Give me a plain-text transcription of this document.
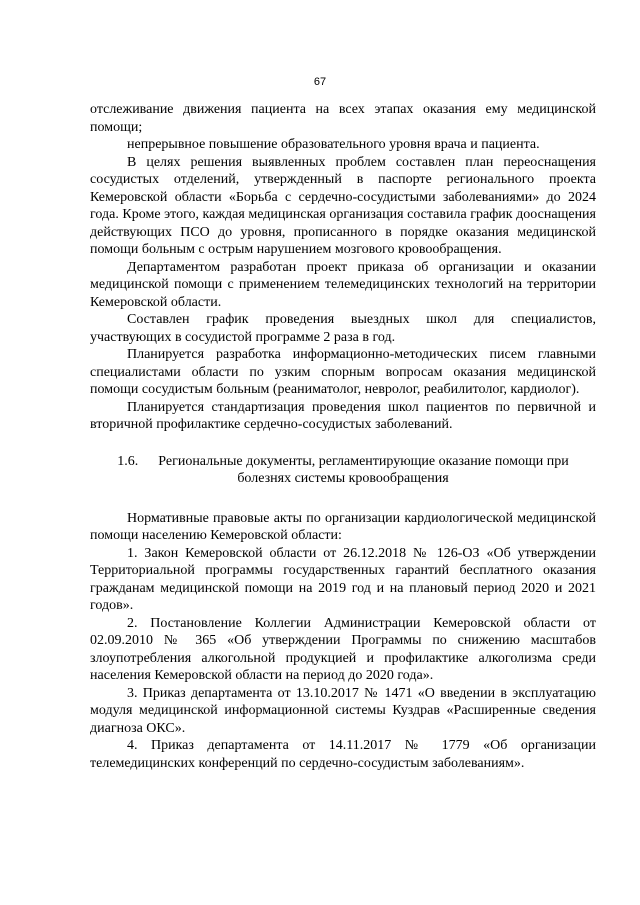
67

отслеживание движения пациента на всех этапах оказания ему медицинской помощи;

непрерывное повышение образовательного уровня врача и пациента.

В целях решения выявленных проблем составлен план переоснащения сосудистых отделений, утвержденный в паспорте регионального проекта Кемеровской области «Борьба с сердечно-сосудистыми заболеваниями» до 2024 года. Кроме этого, каждая медицинская организация составила график дооснащения действующих ПСО до уровня, прописанного в порядке оказания медицинской помощи больным с острым нарушением мозгового кровообращения.

Департаментом разработан проект приказа об организации и оказании медицинской помощи с применением телемедицинских технологий на территории Кемеровской области.

Составлен график проведения выездных школ для специалистов, участвующих в сосудистой программе 2 раза в год.

Планируется разработка информационно-методических писем главными специалистами области по узким спорным вопросам оказания медицинской помощи сосудистым больным (реаниматолог, невролог, реабилитолог, кардиолог).

Планируется стандартизация проведения школ пациентов по первичной и вторичной профилактике сердечно-сосудистых заболеваний.

1.6. Региональные документы, регламентирующие оказание помощи при болезнях системы кровообращения

Нормативные правовые акты по организации кардиологической медицинской помощи населению Кемеровской области:

1. Закон Кемеровской области от 26.12.2018 № 126-ОЗ «Об утверждении Территориальной программы государственных гарантий бесплатного оказания гражданам медицинской помощи на 2019 год и на плановый период 2020 и 2021 годов».

2. Постановление Коллегии Администрации Кемеровской области от 02.09.2010 № 365 «Об утверждении Программы по снижению масштабов злоупотребления алкогольной продукцией и профилактике алкоголизма среди населения Кемеровской области на период до 2020 года».

3. Приказ департамента от 13.10.2017 № 1471 «О введении в эксплуатацию модуля медицинской информационной системы Куздрав «Расширенные сведения диагноза ОКС».

4. Приказ департамента от 14.11.2017 № 1779 «Об организации телемедицинских конференций по сердечно-сосудистым заболеваниям».
